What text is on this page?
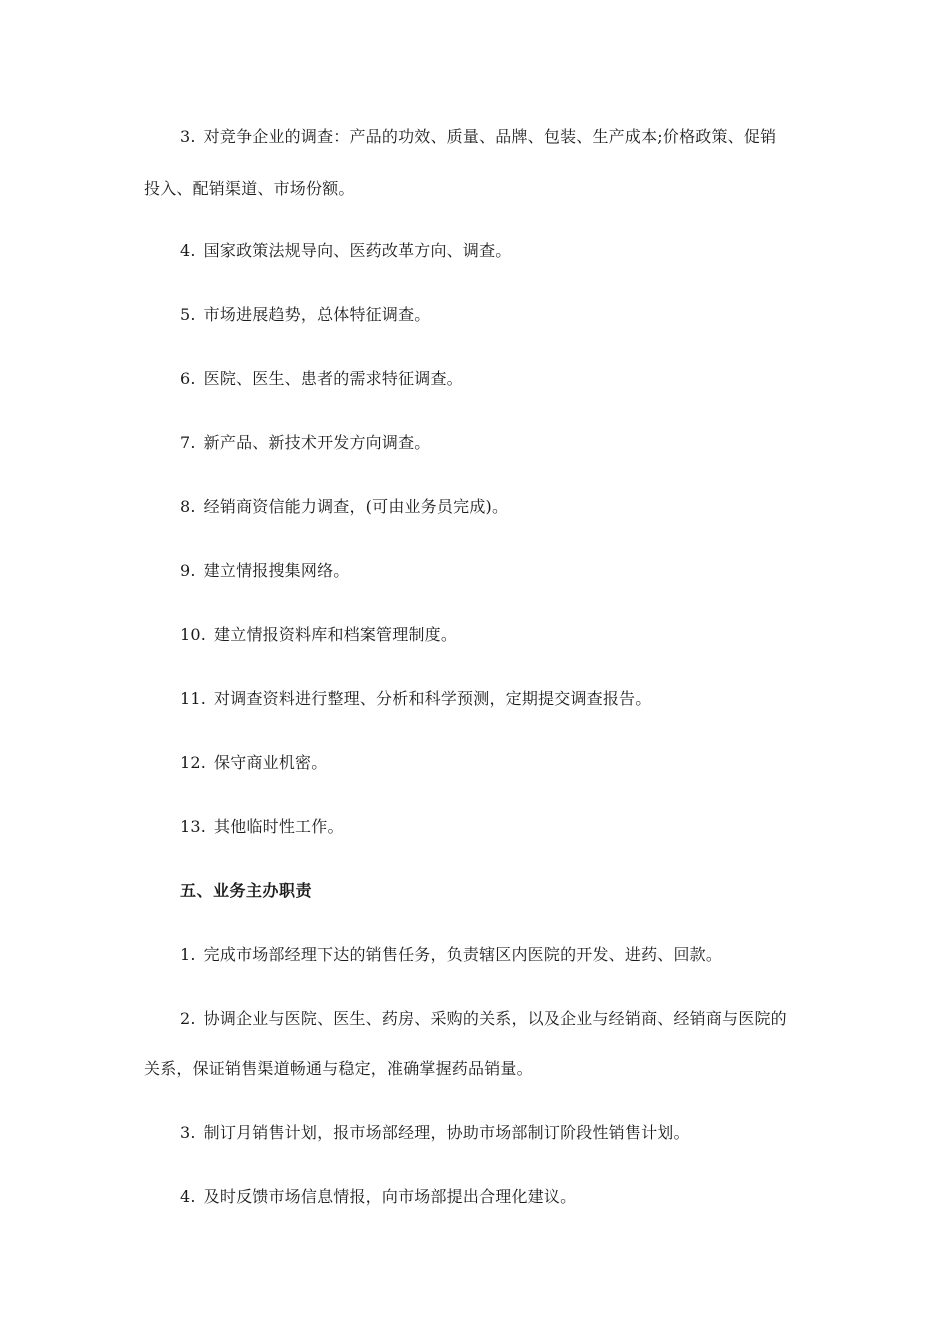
3. 对竞争企业的调查：产品的功效、质量、品牌、包装、生产成本;价格政策、促销
投入、配销渠道、市场份额。
4. 国家政策法规导向、医药改革方向、调查。
5. 市场进展趋势，总体特征调查。
6. 医院、医生、患者的需求特征调查。
7. 新产品、新技术开发方向调查。
8. 经销商资信能力调查，(可由业务员完成)。
9. 建立情报搜集网络。
10. 建立情报资料库和档案管理制度。
11. 对调查资料进行整理、分析和科学预测，定期提交调查报告。
12. 保守商业机密。
13. 其他临时性工作。
五、业务主办职责
1. 完成市场部经理下达的销售任务，负责辖区内医院的开发、进药、回款。
2. 协调企业与医院、医生、药房、采购的关系，以及企业与经销商、经销商与医院的
关系，保证销售渠道畅通与稳定，准确掌握药品销量。
3. 制订月销售计划，报市场部经理，协助市场部制订阶段性销售计划。
4. 及时反馈市场信息情报，向市场部提出合理化建议。
